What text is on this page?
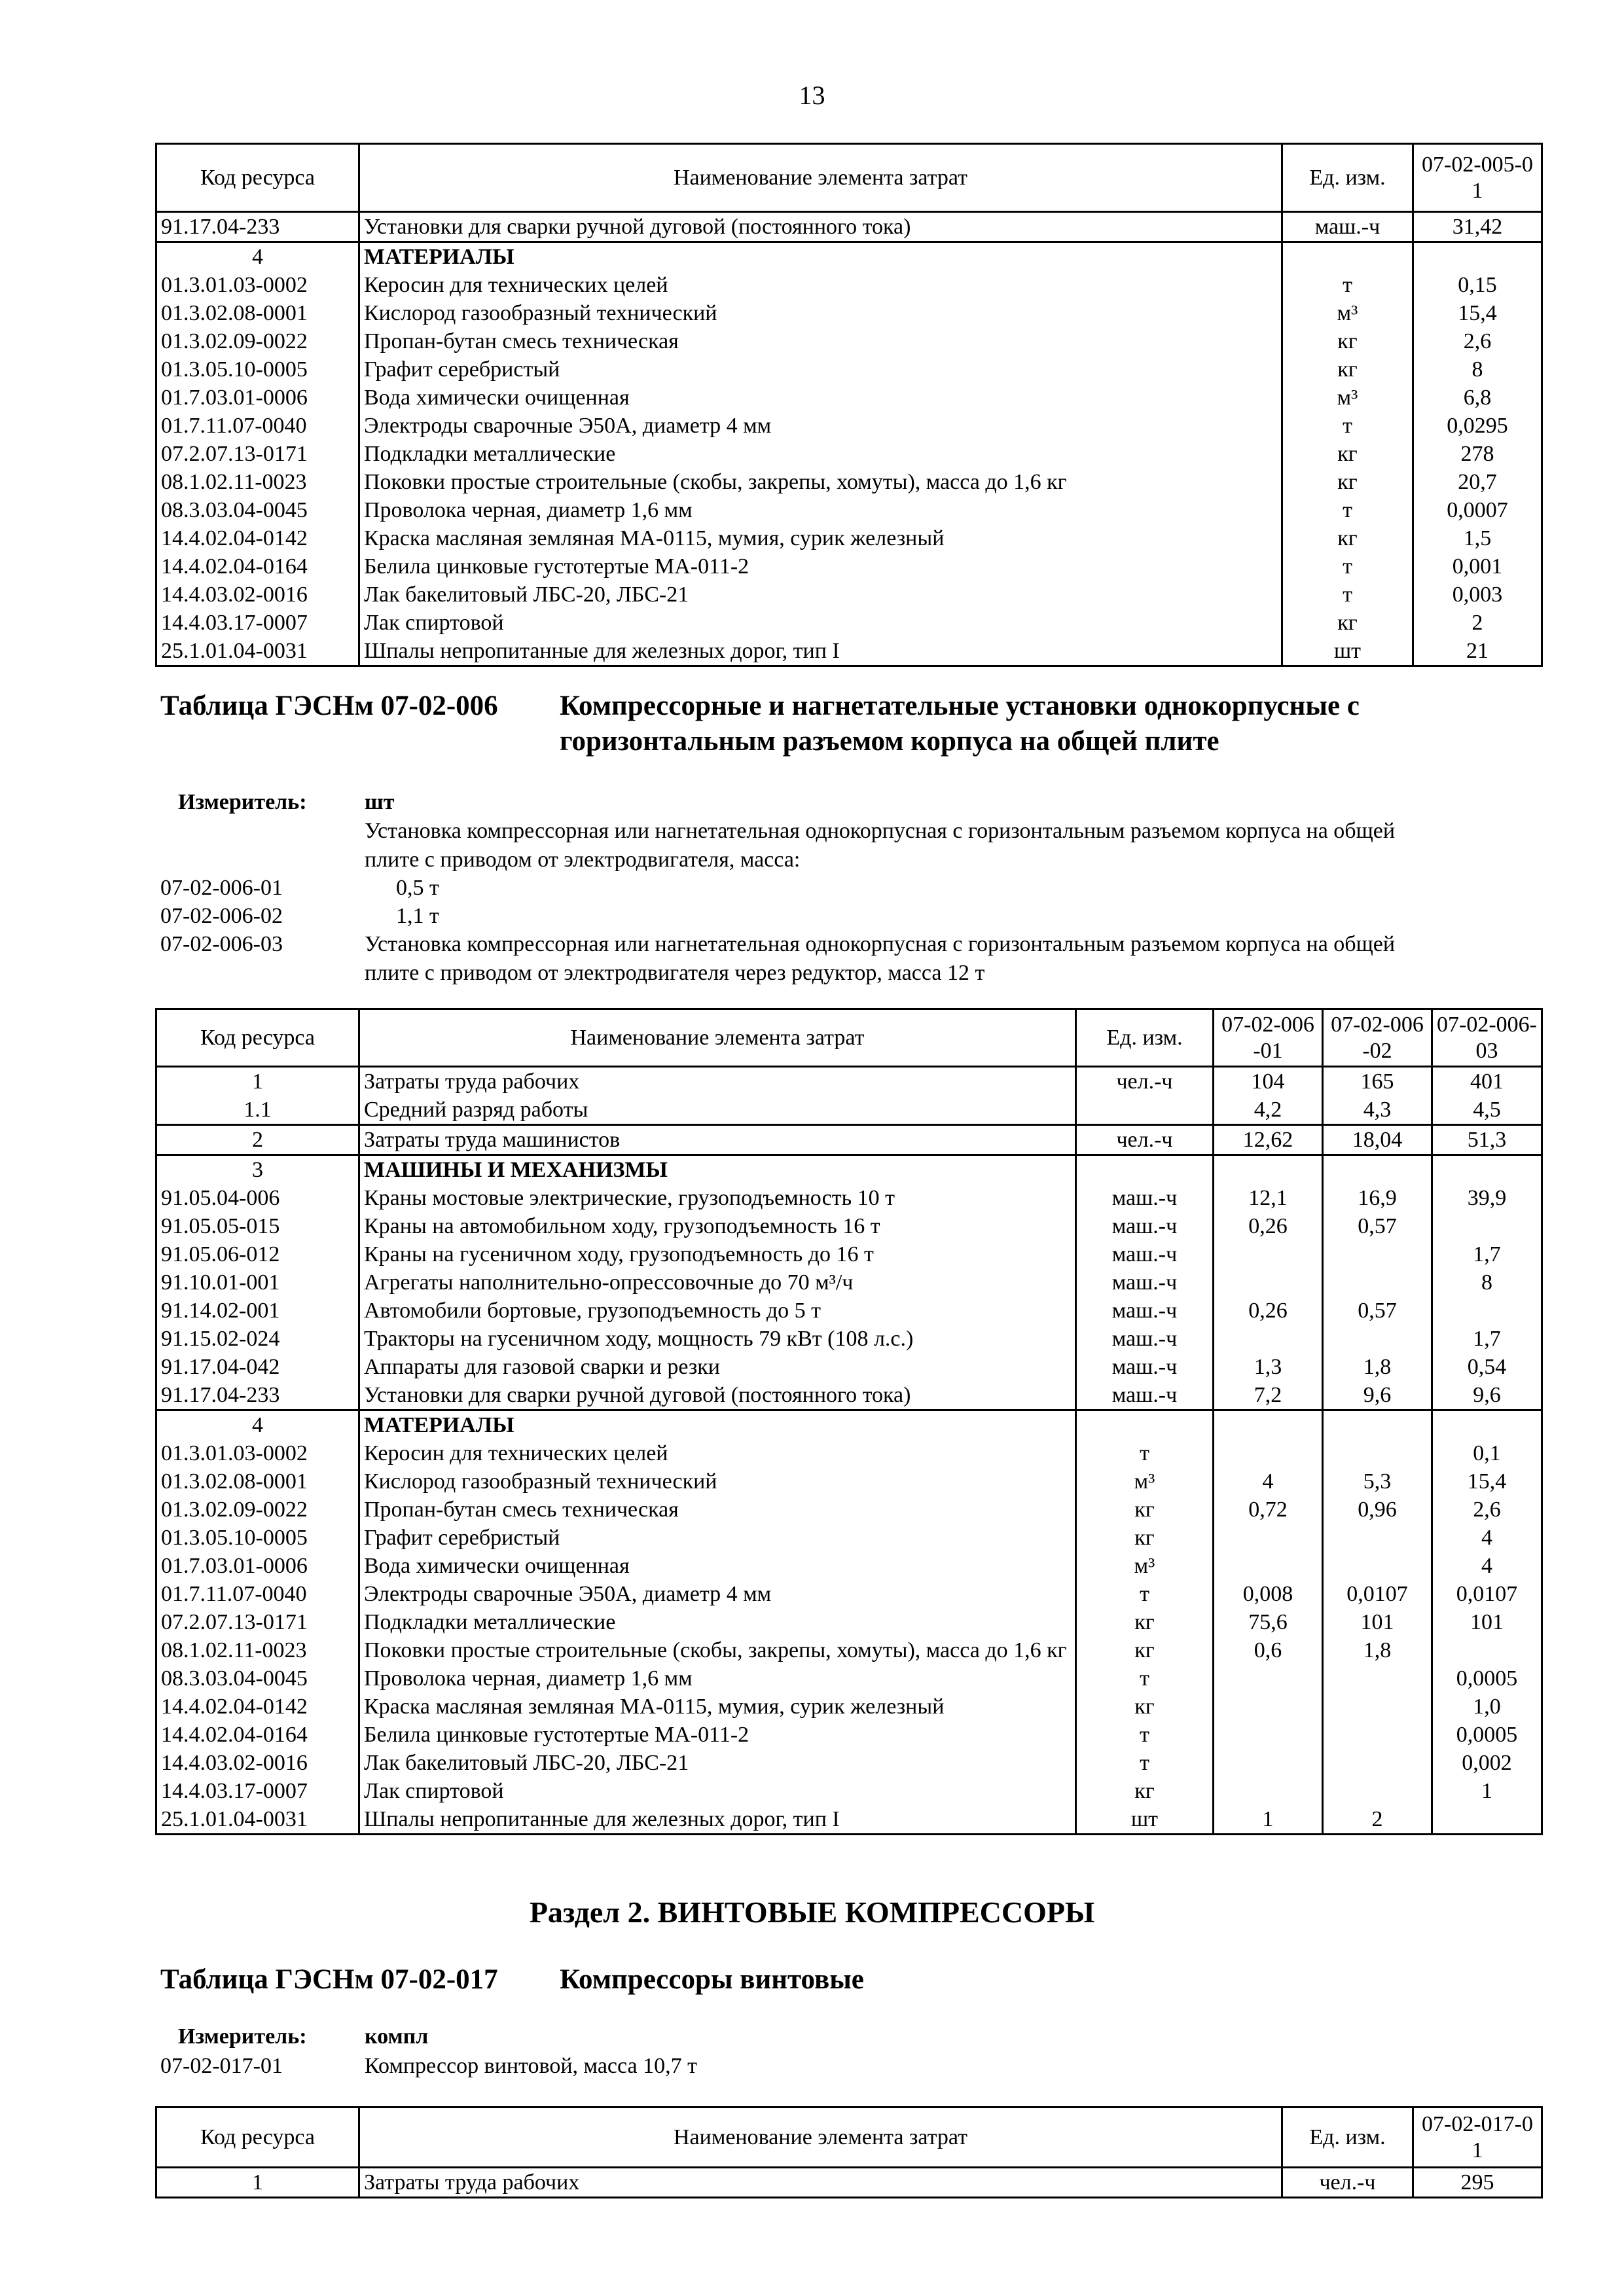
13
Код ресурса	Наименование элемента затрат	Ед. изм.	07-02-005-01
91.17.04-233	Установки для сварки ручной дуговой (постоянного тока)	маш.-ч	31,42
4	МАТЕРИАЛЫ		
01.3.01.03-0002	Керосин для технических целей	т	0,15
01.3.02.08-0001	Кислород газообразный технический	м³	15,4
01.3.02.09-0022	Пропан-бутан смесь техническая	кг	2,6
01.3.05.10-0005	Графит серебристый	кг	8
01.7.03.01-0006	Вода химически очищенная	м³	6,8
01.7.11.07-0040	Электроды сварочные Э50А, диаметр 4 мм	т	0,0295
07.2.07.13-0171	Подкладки металлические	кг	278
08.1.02.11-0023	Поковки простые строительные (скобы, закрепы, хомуты), масса до 1,6 кг	кг	20,7
08.3.03.04-0045	Проволока черная, диаметр 1,6 мм	т	0,0007
14.4.02.04-0142	Краска масляная земляная МА-0115, мумия, сурик железный	кг	1,5
14.4.02.04-0164	Белила цинковые густотертые МА-011-2	т	0,001
14.4.03.02-0016	Лак бакелитовый ЛБС-20, ЛБС-21	т	0,003
14.4.03.17-0007	Лак спиртовой	кг	2
25.1.01.04-0031	Шпалы непропитанные для железных дорог, тип I	шт	21
Таблица ГЭСНм 07-02-006 Компрессорные и нагнетательные установки однокорпусные с
горизонтальным разъемом корпуса на общей плите
Измеритель:	шт
Установка компрессорная или нагнетательная однокорпусная с горизонтальным разъемом корпуса на общей
плите с приводом от электродвигателя, масса:
07-02-006-01	0,5 т
07-02-006-02	1,1 т
07-02-006-03	Установка компрессорная или нагнетательная однокорпусная с горизонтальным разъемом корпуса на общей
плите с приводом от электродвигателя через редуктор, масса 12 т
Код ресурса	Наименование элемента затрат	Ед. изм.	07-02-006-01	07-02-006-02	07-02-006-03
1	Затраты труда рабочих	чел.-ч	104	165	401
1.1	Средний разряд работы		4,2	4,3	4,5
2	Затраты труда машинистов	чел.-ч	12,62	18,04	51,3
3	МАШИНЫ И МЕХАНИЗМЫ				
91.05.04-006	Краны мостовые электрические, грузоподъемность 10 т	маш.-ч	12,1	16,9	39,9
91.05.05-015	Краны на автомобильном ходу, грузоподъемность 16 т	маш.-ч	0,26	0,57	
91.05.06-012	Краны на гусеничном ходу, грузоподъемность до 16 т	маш.-ч			1,7
91.10.01-001	Агрегаты наполнительно-опрессовочные до 70 м³/ч	маш.-ч			8
91.14.02-001	Автомобили бортовые, грузоподъемность до 5 т	маш.-ч	0,26	0,57	
91.15.02-024	Тракторы на гусеничном ходу, мощность 79 кВт (108 л.с.)	маш.-ч			1,7
91.17.04-042	Аппараты для газовой сварки и резки	маш.-ч	1,3	1,8	0,54
91.17.04-233	Установки для сварки ручной дуговой (постоянного тока)	маш.-ч	7,2	9,6	9,6
4	МАТЕРИАЛЫ				
01.3.01.03-0002	Керосин для технических целей	т			0,1
01.3.02.08-0001	Кислород газообразный технический	м³	4	5,3	15,4
01.3.02.09-0022	Пропан-бутан смесь техническая	кг	0,72	0,96	2,6
01.3.05.10-0005	Графит серебристый	кг			4
01.7.03.01-0006	Вода химически очищенная	м³			4
01.7.11.07-0040	Электроды сварочные Э50А, диаметр 4 мм	т	0,008	0,0107	0,0107
07.2.07.13-0171	Подкладки металлические	кг	75,6	101	101
08.1.02.11-0023	Поковки простые строительные (скобы, закрепы, хомуты), масса до 1,6 кг	кг	0,6	1,8	
08.3.03.04-0045	Проволока черная, диаметр 1,6 мм	т			0,0005
14.4.02.04-0142	Краска масляная земляная МА-0115, мумия, сурик железный	кг			1,0
14.4.02.04-0164	Белила цинковые густотертые МА-011-2	т			0,0005
14.4.03.02-0016	Лак бакелитовый ЛБС-20, ЛБС-21	т			0,002
14.4.03.17-0007	Лак спиртовой	кг			1
25.1.01.04-0031	Шпалы непропитанные для железных дорог, тип I	шт	1	2	
Раздел 2. ВИНТОВЫЕ КОМПРЕССОРЫ
Таблица ГЭСНм 07-02-017 Компрессоры винтовые
Измеритель:	компл
07-02-017-01	Компрессор винтовой, масса 10,7 т
Код ресурса	Наименование элемента затрат	Ед. изм.	07-02-017-01
1	Затраты труда рабочих	чел.-ч	295
